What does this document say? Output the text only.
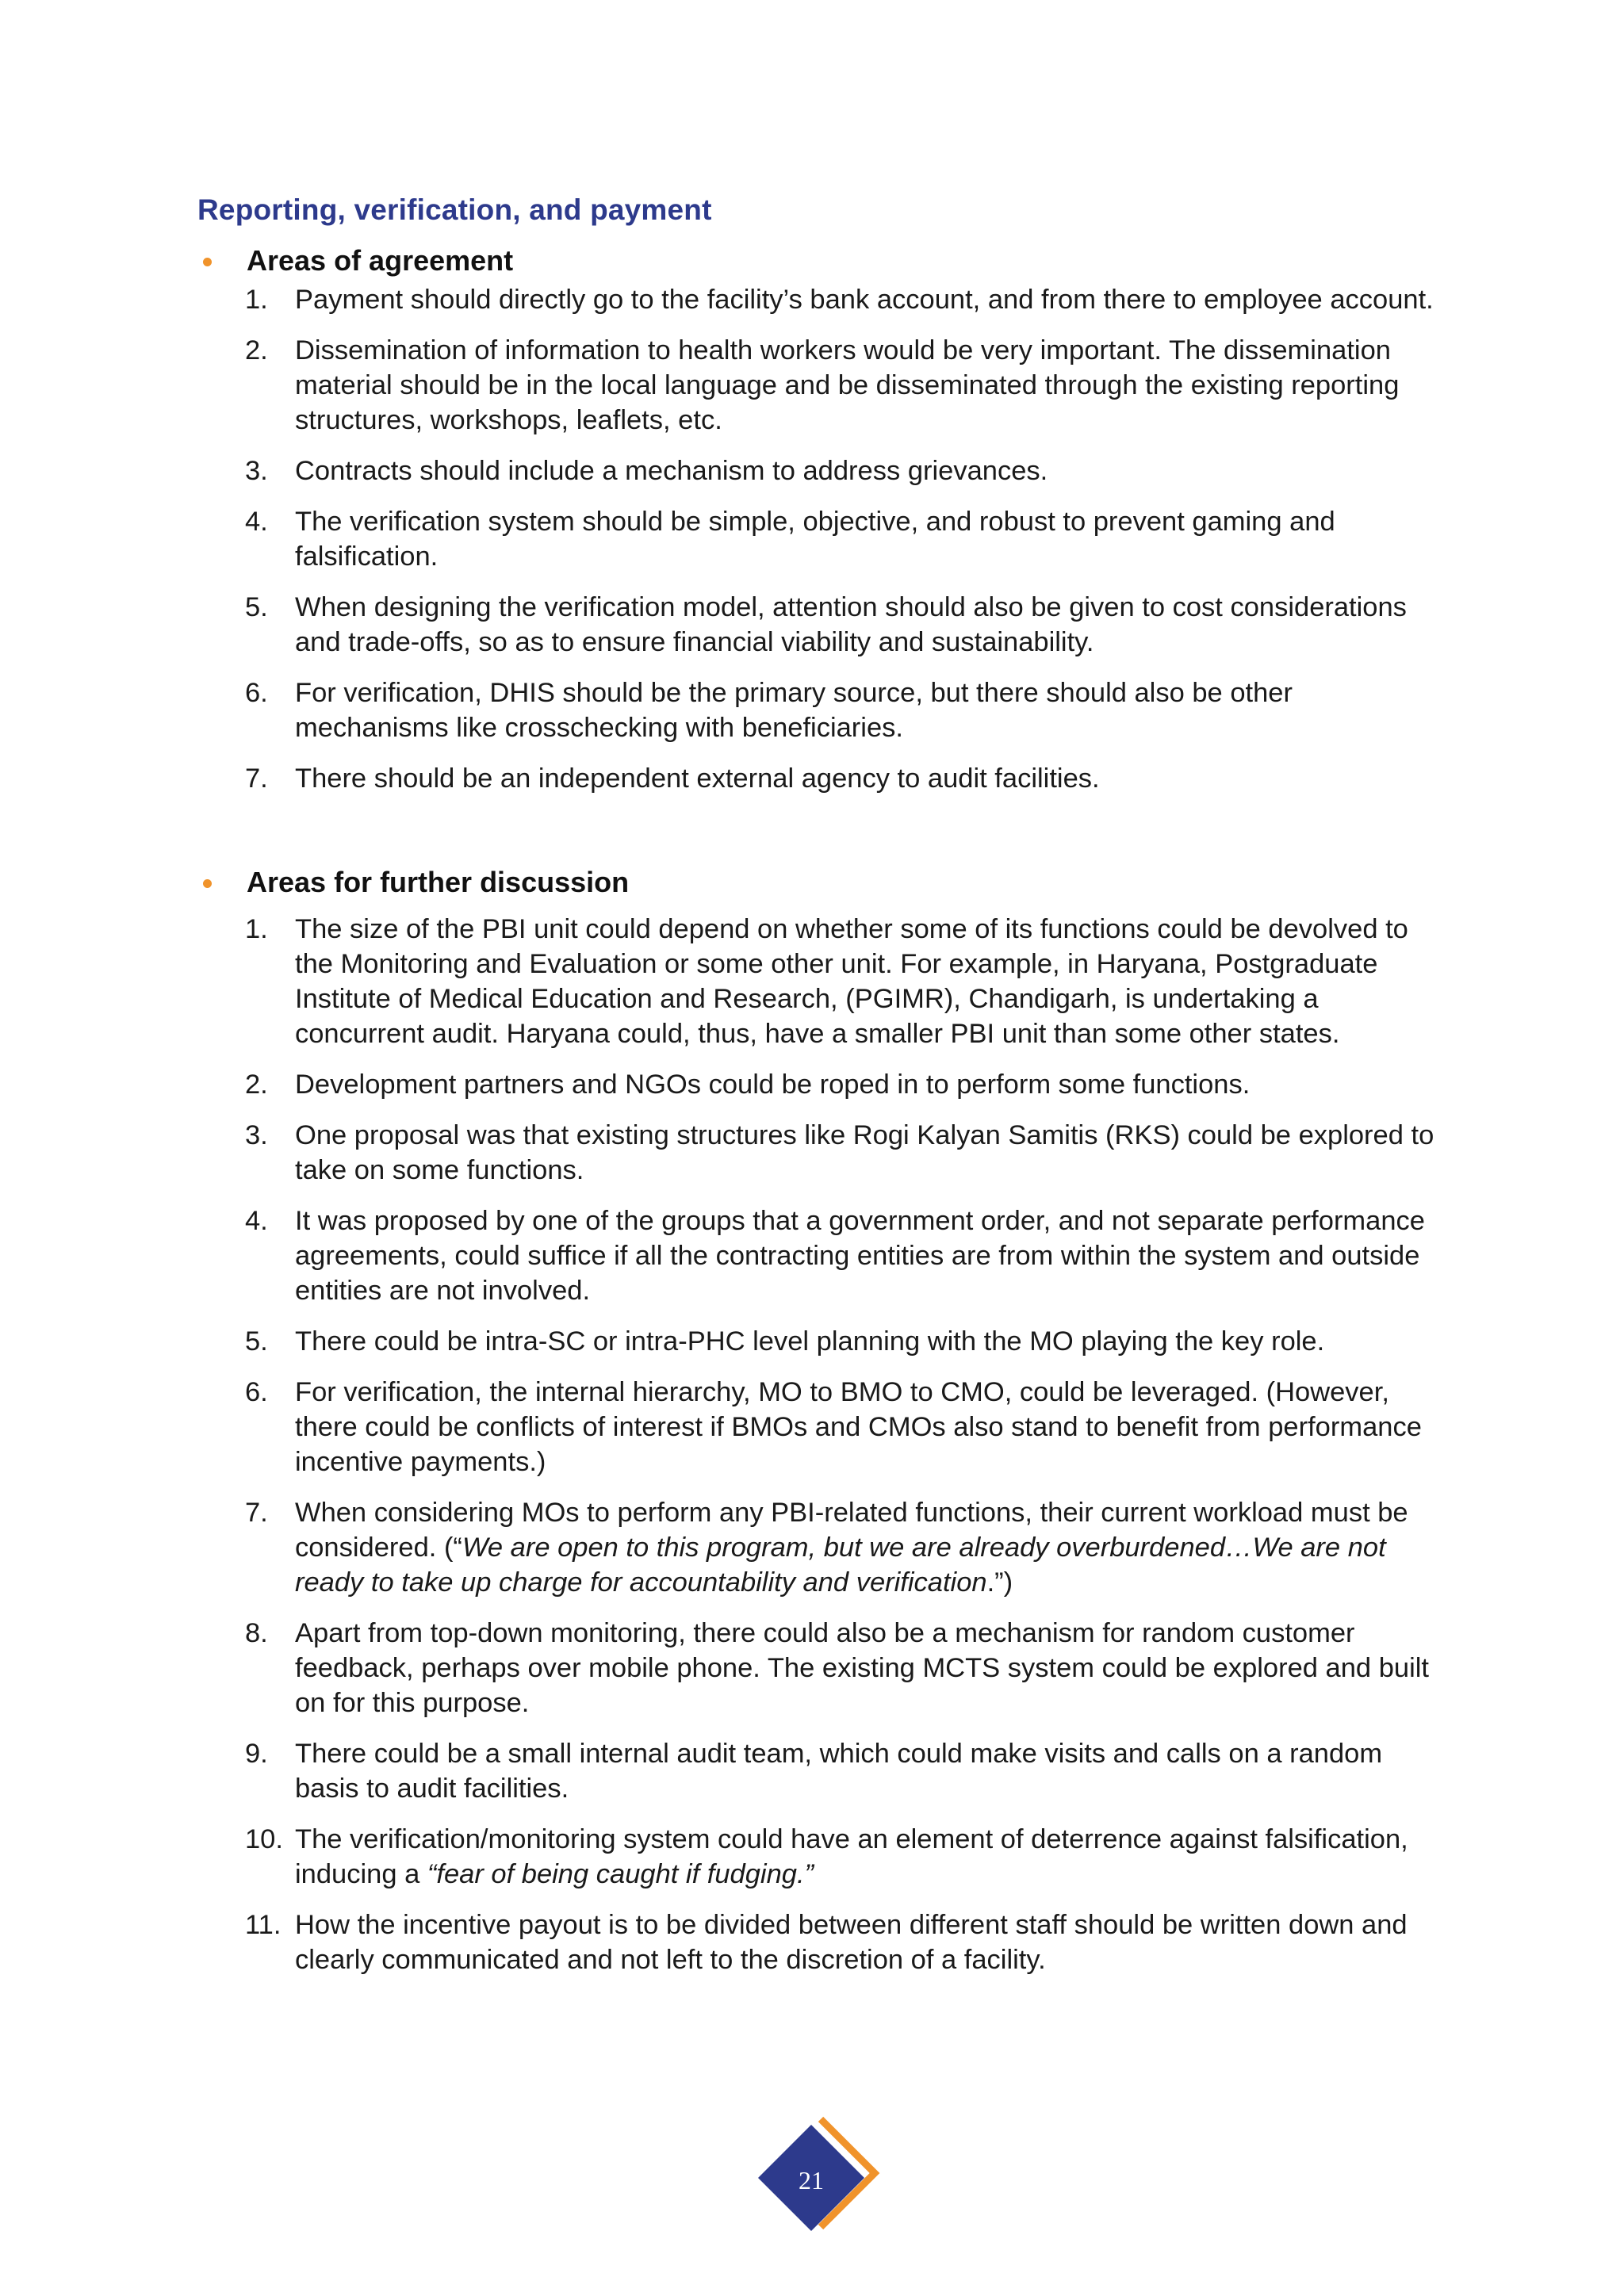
Reporting, verification, and payment
Areas of agreement
1. Payment should directly go to the facility’s bank account, and from there to employee account.
2. Dissemination of information to health workers would be very important. The dissemination material should be in the local language and be disseminated through the existing reporting structures, workshops, leaflets, etc.
3. Contracts should include a mechanism to address grievances.
4. The verification system should be simple, objective, and robust to prevent gaming and falsification.
5. When designing the verification model, attention should also be given to cost considerations and trade-offs, so as to ensure financial viability and sustainability.
6. For verification, DHIS should be the primary source, but there should also be other mechanisms like crosschecking with beneficiaries.
7. There should be an independent external agency to audit facilities.
Areas for further discussion
1. The size of the PBI unit could depend on whether some of its functions could be devolved to the Monitoring and Evaluation or some other unit. For example, in Haryana, Postgraduate Institute of Medical Education and Research, (PGIMR), Chandigarh, is undertaking a concurrent audit. Haryana could, thus, have a smaller PBI unit than some other states.
2. Development partners and NGOs could be roped in to perform some functions.
3. One proposal was that existing structures like Rogi Kalyan Samitis (RKS) could be explored to take on some functions.
4. It was proposed by one of the groups that a government order, and not separate performance agreements, could suffice if all the contracting entities are from within the system and outside entities are not involved.
5. There could be intra-SC or intra-PHC level planning with the MO playing the key role.
6. For verification, the internal hierarchy, MO to BMO to CMO, could be leveraged. (However, there could be conflicts of interest if BMOs and CMOs also stand to benefit from performance incentive payments.)
7. When considering MOs to perform any PBI-related functions, their current workload must be considered. (“We are open to this program, but we are already overburdened…We are not ready to take up charge for accountability and verification.”)
8. Apart from top-down monitoring, there could also be a mechanism for random customer feedback, perhaps over mobile phone. The existing MCTS system could be explored and built on for this purpose.
9. There could be a small internal audit team, which could make visits and calls on a random basis to audit facilities.
10. The verification/monitoring system could have an element of deterrence against falsification, inducing a “fear of being caught if fudging.”
11. How the incentive payout is to be divided between different staff should be written down and clearly communicated and not left to the discretion of a facility.
21
